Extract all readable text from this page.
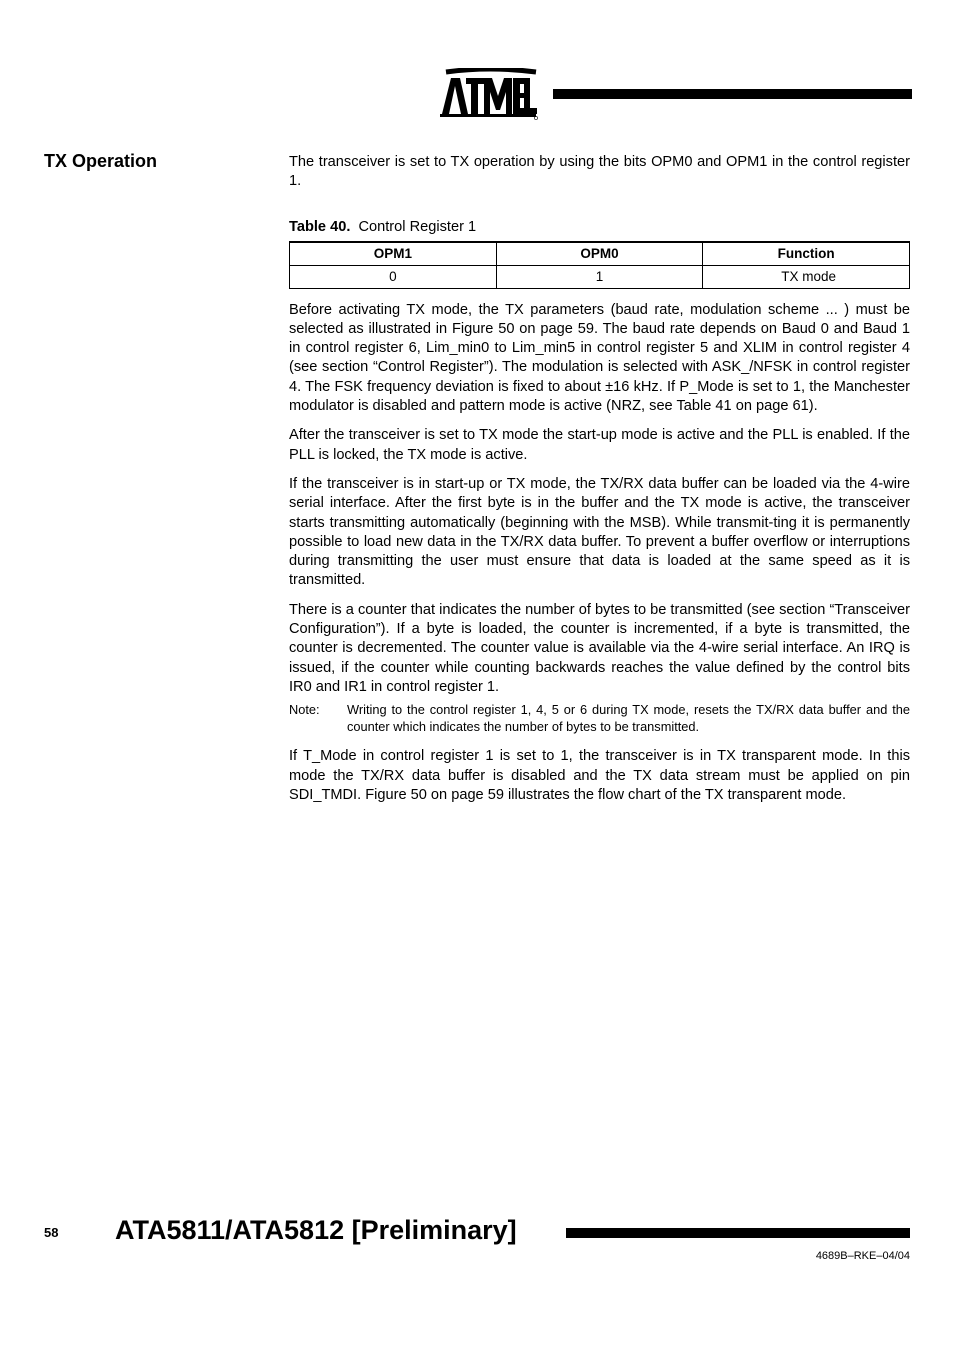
TX Operation	The transceiver is set to TX operation by using the bits OPM0 and OPM1 in the control register 1.

Table 40. Control Register 1
OPM1	OPM0	Function
0	1	TX mode

Before activating TX mode, the TX parameters (baud rate, modulation scheme ... ) must be selected as illustrated in Figure 50 on page 59. The baud rate depends on Baud 0 and Baud 1 in control register 6, Lim_min0 to Lim_min5 in control register 5 and XLIM in control register 4 (see section “Control Register”). The modulation is selected with ASK_/NFSK in control register 4. The FSK frequency deviation is fixed to about ±16 kHz. If P_Mode is set to 1, the Manchester modulator is disabled and pattern mode is active (NRZ, see Table 41 on page 61).

After the transceiver is set to TX mode the start-up mode is active and the PLL is enabled. If the PLL is locked, the TX mode is active.

If the transceiver is in start-up or TX mode, the TX/RX data buffer can be loaded via the 4-wire serial interface. After the first byte is in the buffer and the TX mode is active, the transceiver starts transmitting automatically (beginning with the MSB). While transmit-ting it is permanently possible to load new data in the TX/RX data buffer. To prevent a buffer overflow or interruptions during transmitting the user must ensure that data is loaded at the same speed as it is transmitted.

There is a counter that indicates the number of bytes to be transmitted (see section “Transceiver Configuration”). If a byte is loaded, the counter is incremented, if a byte is transmitted, the counter is decremented. The counter value is available via the 4-wire serial interface. An IRQ is issued, if the counter while counting backwards reaches the value defined by the control bits IR0 and IR1 in control register 1.

Note:	Writing to the control register 1, 4, 5 or 6 during TX mode, resets the TX/RX data buffer and the counter which indicates the number of bytes to be transmitted.

If T_Mode in control register 1 is set to 1, the transceiver is in TX transparent mode. In this mode the TX/RX data buffer is disabled and the TX data stream must be applied on pin SDI_TMDI. Figure 50 on page 59 illustrates the flow chart of the TX transparent mode.

58 ATA5811/ATA5812 [Preliminary]
4689B–RKE–04/04
